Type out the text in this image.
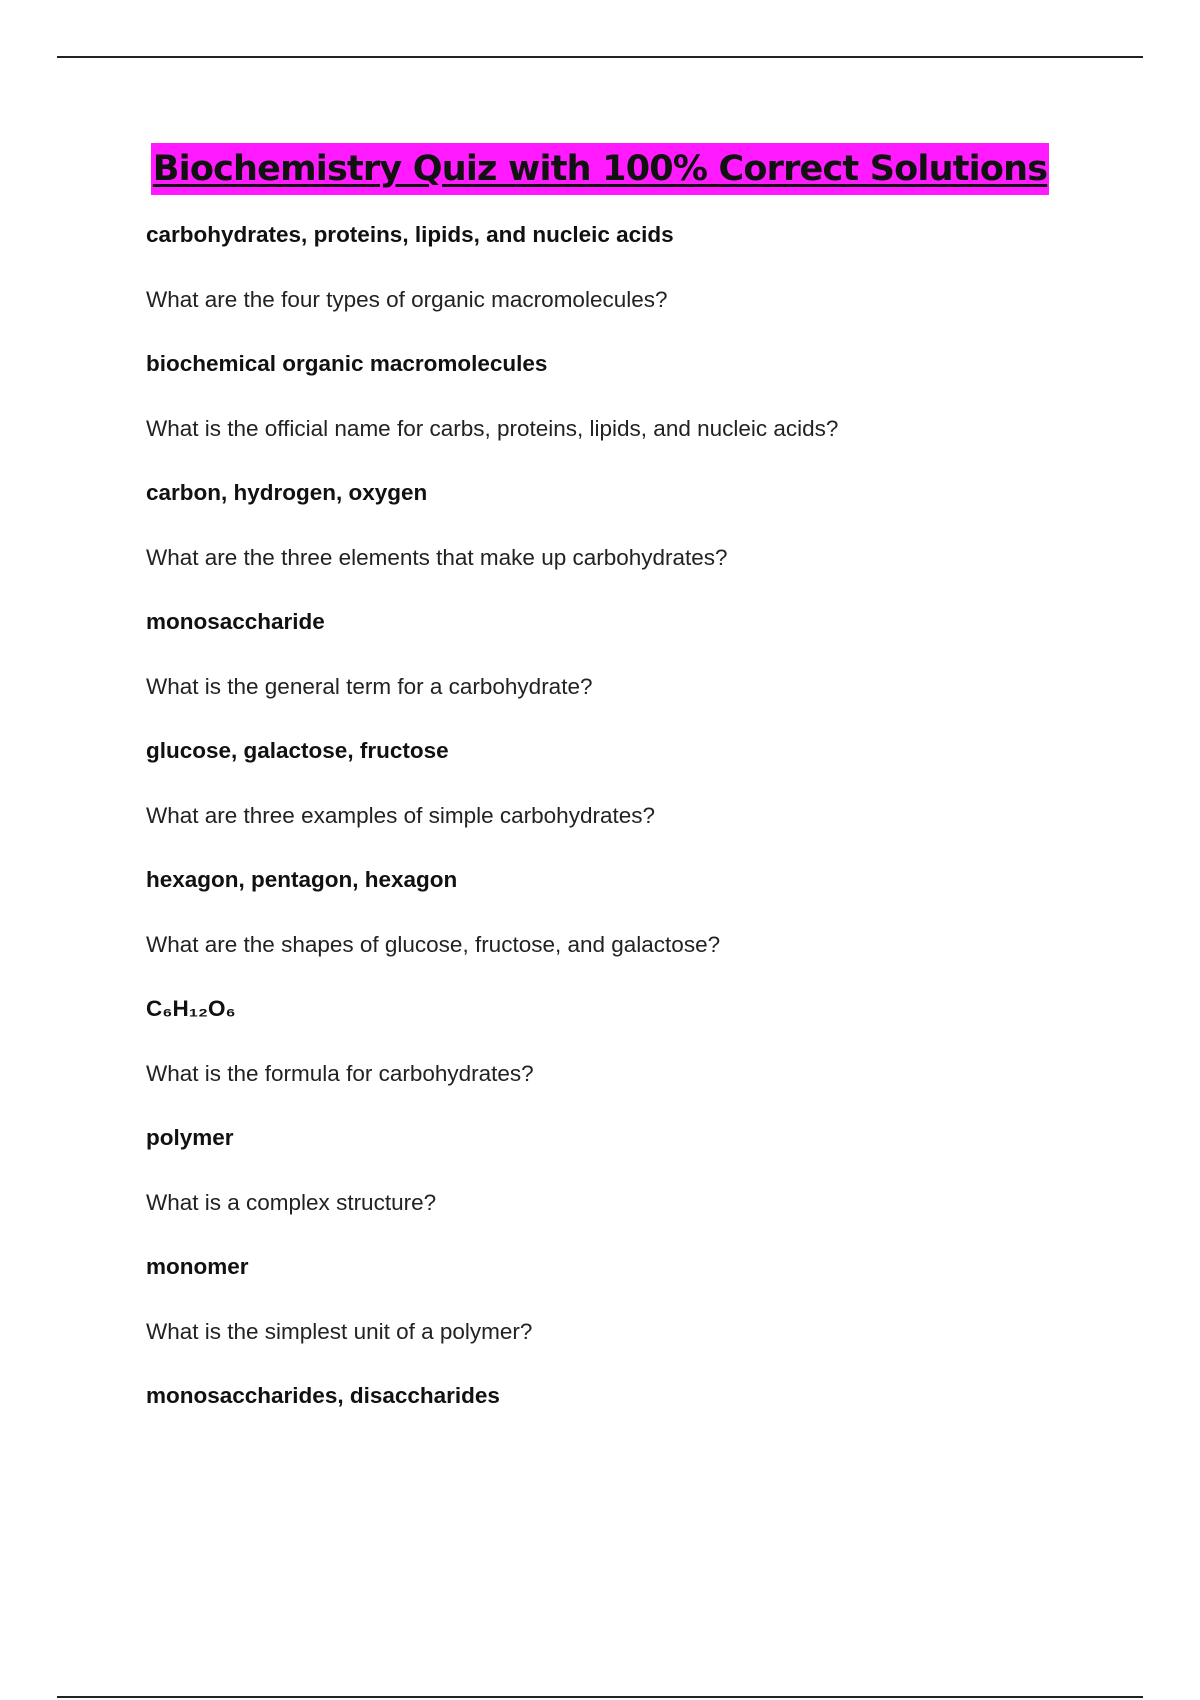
Biochemistry Quiz with 100% Correct Solutions
carbohydrates, proteins, lipids, and nucleic acids
What are the four types of organic macromolecules?
biochemical organic macromolecules
What is the official name for carbs, proteins, lipids, and nucleic acids?
carbon, hydrogen, oxygen
What are the three elements that make up carbohydrates?
monosaccharide
What is the general term for a carbohydrate?
glucose, galactose, fructose
What are three examples of simple carbohydrates?
hexagon, pentagon, hexagon
What are the shapes of glucose, fructose, and galactose?
C₆H₁₂O₆
What is the formula for carbohydrates?
polymer
What is a complex structure?
monomer
What is the simplest unit of a polymer?
monosaccharides, disaccharides
